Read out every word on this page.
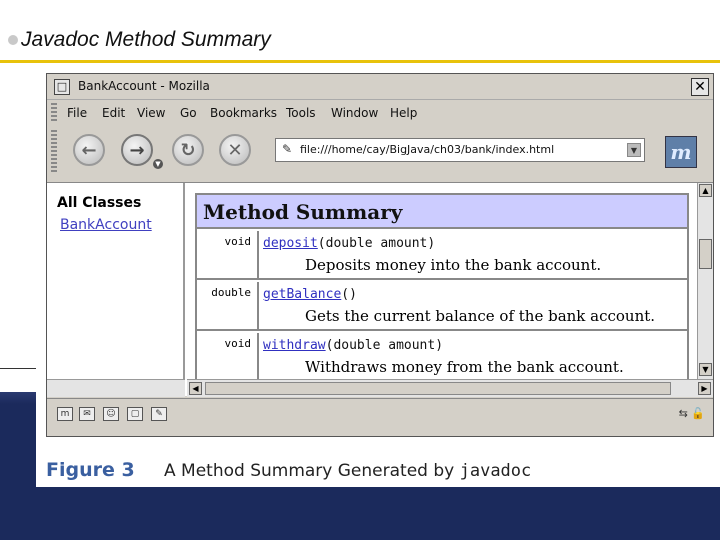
Javadoc Method Summary
□ BankAccount - Mozilla	✕
File Edit View Go Bookmarks Tools Window Help
←	→
▼
↻	✕	✎ file:///home/cay/BigJava/ch03/bank/index.html	▼ m
All Classes
BankAccount
Method Summary
void deposit(double amount)
Deposits money into the bank account.
double getBalance()
Gets the current balance of the bank account.
void withdraw(double amount)
Withdraws money from the bank account.
▲
▼
◀	▶
m	✉	☺	▢	✎	⇆ 🔓
Figure 3 A Method Summary Generated by javadoc
